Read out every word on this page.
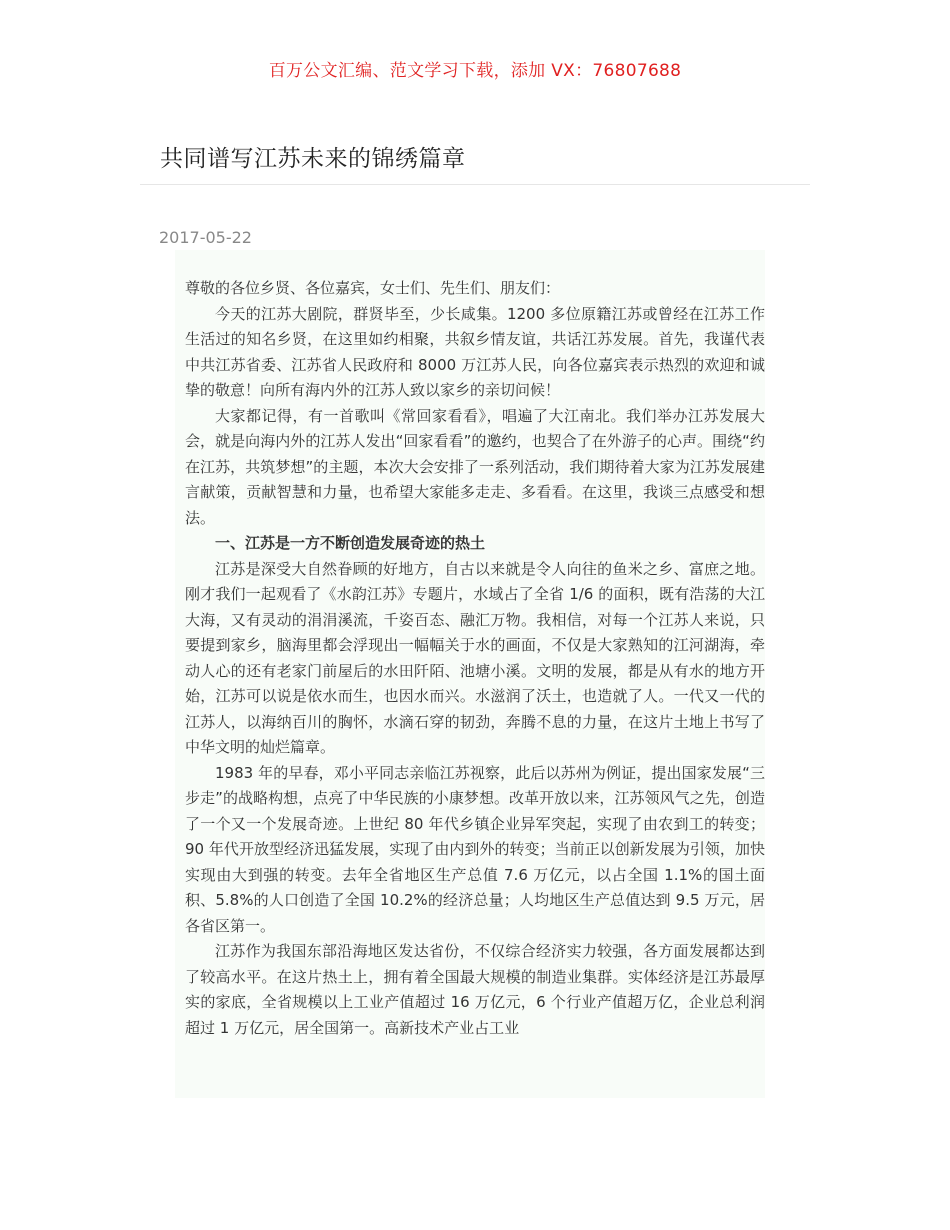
百万公文汇编、范文学习下载，添加 VX：76807688
共同谱写江苏未来的锦绣篇章
2017-05-22

尊敬的各位乡贤、各位嘉宾，女士们、先生们、朋友们：

今天的江苏大剧院，群贤毕至，少长咸集。1200 多位原籍江苏或曾经在江苏工作生活过的知名乡贤，在这里如约相聚，共叙乡情友谊，共话江苏发展。首先，我谨代表中共江苏省委、江苏省人民政府和 8000 万江苏人民，向各位嘉宾表示热烈的欢迎和诚挚的敬意！向所有海内外的江苏人致以家乡的亲切问候！

大家都记得，有一首歌叫《常回家看看》，唱遍了大江南北。我们举办江苏发展大会，就是向海内外的江苏人发出“回家看看”的邀约，也契合了在外游子的心声。围绕“约在江苏，共筑梦想”的主题，本次大会安排了一系列活动，我们期待着大家为江苏发展建言献策，贡献智慧和力量，也希望大家能多走走、多看看。在这里，我谈三点感受和想法。

一、江苏是一方不断创造发展奇迹的热土

江苏是深受大自然眷顾的好地方，自古以来就是令人向往的鱼米之乡、富庶之地。刚才我们一起观看了《水韵江苏》专题片，水域占了全省 1/6 的面积，既有浩荡的大江大海，又有灵动的涓涓溪流，千姿百态、融汇万物。我相信，对每一个江苏人来说，只要提到家乡，脑海里都会浮现出一幅幅关于水的画面，不仅是大家熟知的江河湖海，牵动人心的还有老家门前屋后的水田阡陌、池塘小溪。文明的发展，都是从有水的地方开始，江苏可以说是依水而生，也因水而兴。水滋润了沃土，也造就了人。一代又一代的江苏人，以海纳百川的胸怀，水滴石穿的韧劲，奔腾不息的力量，在这片土地上书写了中华文明的灿烂篇章。

1983 年的早春，邓小平同志亲临江苏视察，此后以苏州为例证，提出国家发展“三步走”的战略构想，点亮了中华民族的小康梦想。改革开放以来，江苏领风气之先，创造了一个又一个发展奇迹。上世纪 80 年代乡镇企业异军突起，实现了由农到工的转变；90 年代开放型经济迅猛发展，实现了由内到外的转变；当前正以创新发展为引领，加快实现由大到强的转变。去年全省地区生产总值 7.6 万亿元，以占全国 1.1%的国土面积、5.8%的人口创造了全国 10.2%的经济总量；人均地区生产总值达到 9.5 万元，居各省区第一。

江苏作为我国东部沿海地区发达省份，不仅综合经济实力较强，各方面发展都达到了较高水平。在这片热土上，拥有着全国最大规模的制造业集群。实体经济是江苏最厚实的家底，全省规模以上工业产值超过 16 万亿元，6 个行业产值超万亿，企业总利润超过 1 万亿元，居全国第一。高新技术产业占工业
